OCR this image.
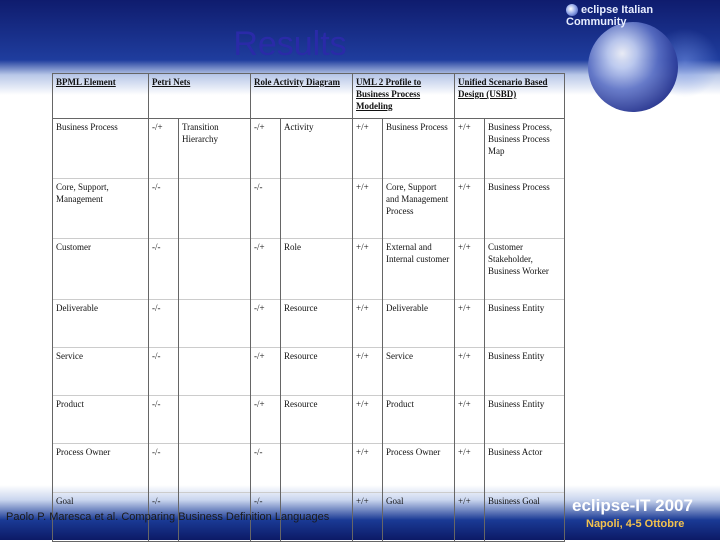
eclipse Italian Community
Results
BPML Element	Petri Nets		Role Activity Diagram		UML 2 Profile to Business Process Modeling		Unified Scenario Based Design (USBD)	
Business Process	-/+	Transition Hierarchy	-/+	Activity	+/+	Business Process	+/+	Business Process, Business Process Map
Core, Support, Management	-/-		-/-		+/+	Core, Support and Management Process	+/+	Business Process
Customer	-/-		-/+	Role	+/+	External and Internal customer	+/+	Customer Stakeholder, Business Worker
Deliverable	-/-		-/+	Resource	+/+	Deliverable	+/+	Business Entity
Service	-/-		-/+	Resource	+/+	Service	+/+	Business Entity
Product	-/-		-/+	Resource	+/+	Product	+/+	Business Entity
Process Owner	-/-		-/-		+/+	Process Owner	+/+	Business Actor
Goal	-/-		-/-		+/+	Goal	+/+	Business Goal
Paolo P. Maresca et al. Comparing Business Definition Languages
eclipse-IT 2007
Napoli, 4-5 Ottobre
